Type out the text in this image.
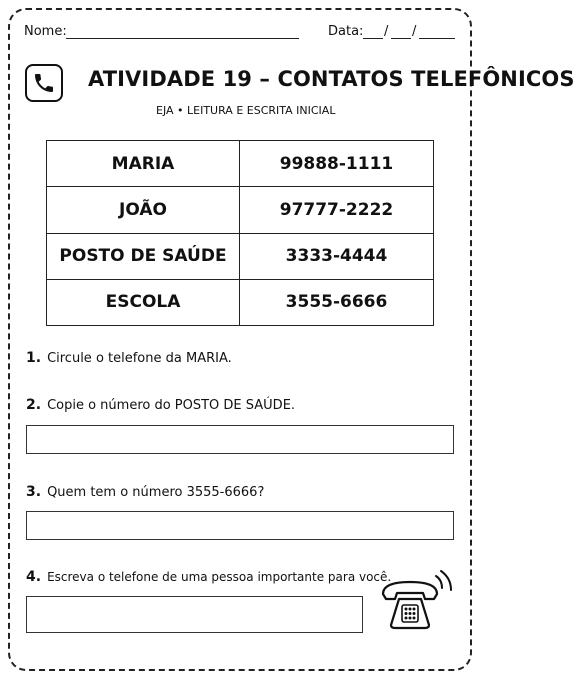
Nome:	Data: / /
ATIVIDADE 19 – CONTATOS TELEFÔNICOS
EJA • LEITURA E ESCRITA INICIAL
MARIA	99888-1111
JOÃO	97777-2222
POSTO DE SAÚDE	3333-4444
ESCOLA	3555-6666
1. Circule o telefone da MARIA.
2. Copie o número do POSTO DE SAÚDE.
3. Quem tem o número 3555-6666?
4. Escreva o telefone de uma pessoa importante para você.
